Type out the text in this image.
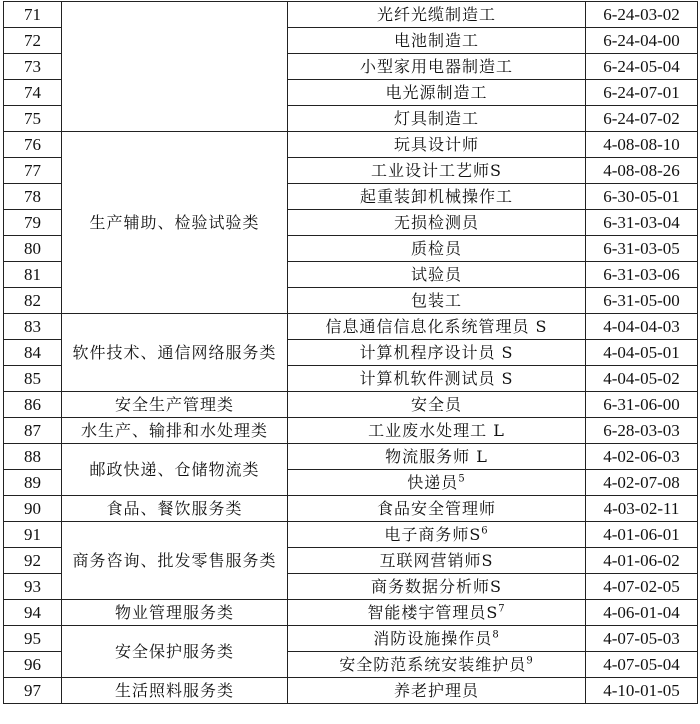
71		光纤光缆制造工	6-24-03-02
72		电池制造工	6-24-04-00
73		小型家用电器制造工	6-24-05-04
74		电光源制造工	6-24-07-01
75		灯具制造工	6-24-07-02
76	生产辅助、检验试验类	玩具设计师	4-08-08-10
77		工业设计工艺师S	4-08-08-26
78		起重装卸机械操作工	6-30-05-01
79		无损检测员	6-31-03-04
80		质检员	6-31-03-05
81		试验员	6-31-03-06
82		包装工	6-31-05-00
83	软件技术、通信网络服务类	信息通信信息化系统管理员 S	4-04-04-03
84		计算机程序设计员 S	4-04-05-01
85		计算机软件测试员 S	4-04-05-02
86	安全生产管理类	安全员	6-31-06-00
87	水生产、输排和水处理类	工业废水处理工 L	6-28-03-03
88	邮政快递、仓储物流类	物流服务师 L	4-02-06-03
89		快递员$^5$	4-02-07-08
90	食品、餐饮服务类	食品安全管理师	4-03-02-11
91	商务咨询、批发零售服务类	电子商务师$S^6$	4-01-06-01
92		互联网营销师S	4-01-06-02
93		商务数据分析师S	4-07-02-05
94	物业管理服务类	智能楼宇管理员$S^7$	4-06-01-04
95	安全保护服务类	消防设施操作员$^8$	4-07-05-03
96		安全防范系统安装维护员$^9$	4-07-05-04
97	生活照料服务类	养老护理员	4-10-01-05
